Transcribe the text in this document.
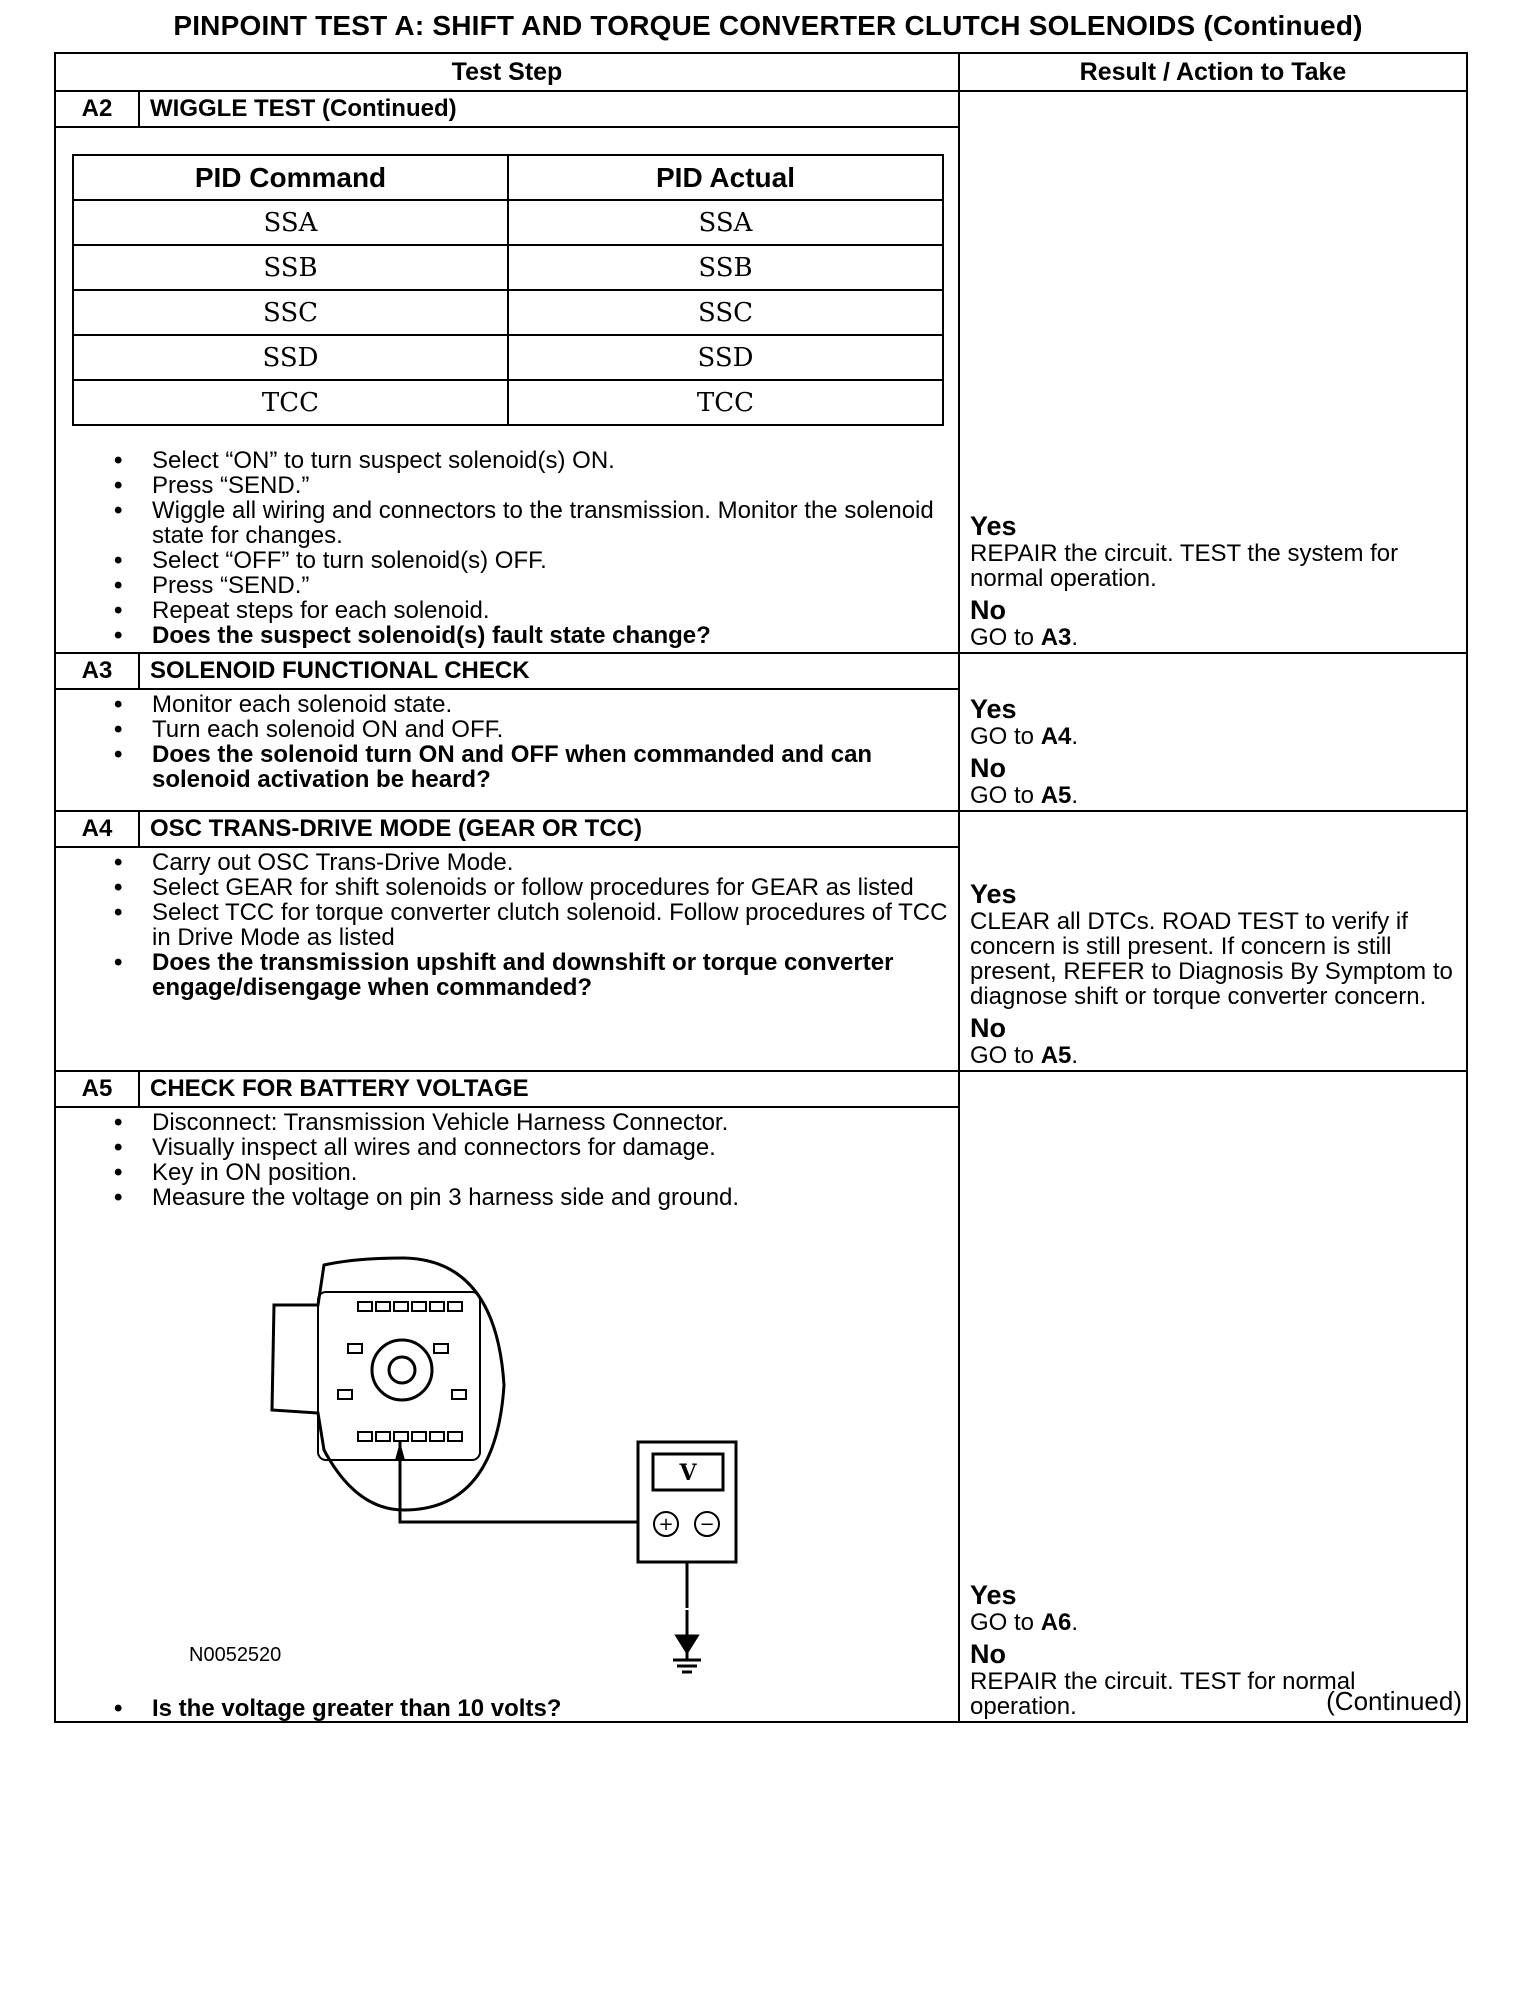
PINPOINT TEST A: SHIFT AND TORQUE CONVERTER CLUTCH SOLENOIDS (Continued)
Test Step	Result / Action to Take

A2	WIGGLE TEST (Continued)
PID Command	PID Actual
SSA	SSA
SSB	SSB
SSC	SSC
SSD	SSD
TCC	TCC
• Select “ON” to turn suspect solenoid(s) ON.
• Press “SEND.”
• Wiggle all wiring and connectors to the transmission. Monitor the solenoid state for changes.
• Select “OFF” to turn solenoid(s) OFF.
• Press “SEND.”
• Repeat steps for each solenoid.
• Does the suspect solenoid(s) fault state change?

Yes
REPAIR the circuit. TEST the system for normal operation.
No
GO to A3.

A3	SOLENOID FUNCTIONAL CHECK
• Monitor each solenoid state.
• Turn each solenoid ON and OFF.
• Does the solenoid turn ON and OFF when commanded and can solenoid activation be heard?

Yes
GO to A4.
No
GO to A5.

A4	OSC TRANS-DRIVE MODE (GEAR OR TCC)
• Carry out OSC Trans-Drive Mode.
• Select GEAR for shift solenoids or follow procedures for GEAR as listed
• Select TCC for torque converter clutch solenoid. Follow procedures of TCC in Drive Mode as listed
• Does the transmission upshift and downshift or torque converter engage/disengage when commanded?

Yes
CLEAR all DTCs. ROAD TEST to verify if concern is still present. If concern is still present, REFER to Diagnosis By Symptom to diagnose shift or torque converter concern.
No
GO to A5.

A5	CHECK FOR BATTERY VOLTAGE
• Disconnect: Transmission Vehicle Harness Connector.
• Visually inspect all wires and connectors for damage.
• Key in ON position.
• Measure the voltage on pin 3 harness side and ground.
V
+ −
N0052520
• Is the voltage greater than 10 volts?

Yes
GO to A6.
No
REPAIR the circuit. TEST for normal operation.	(Continued)
